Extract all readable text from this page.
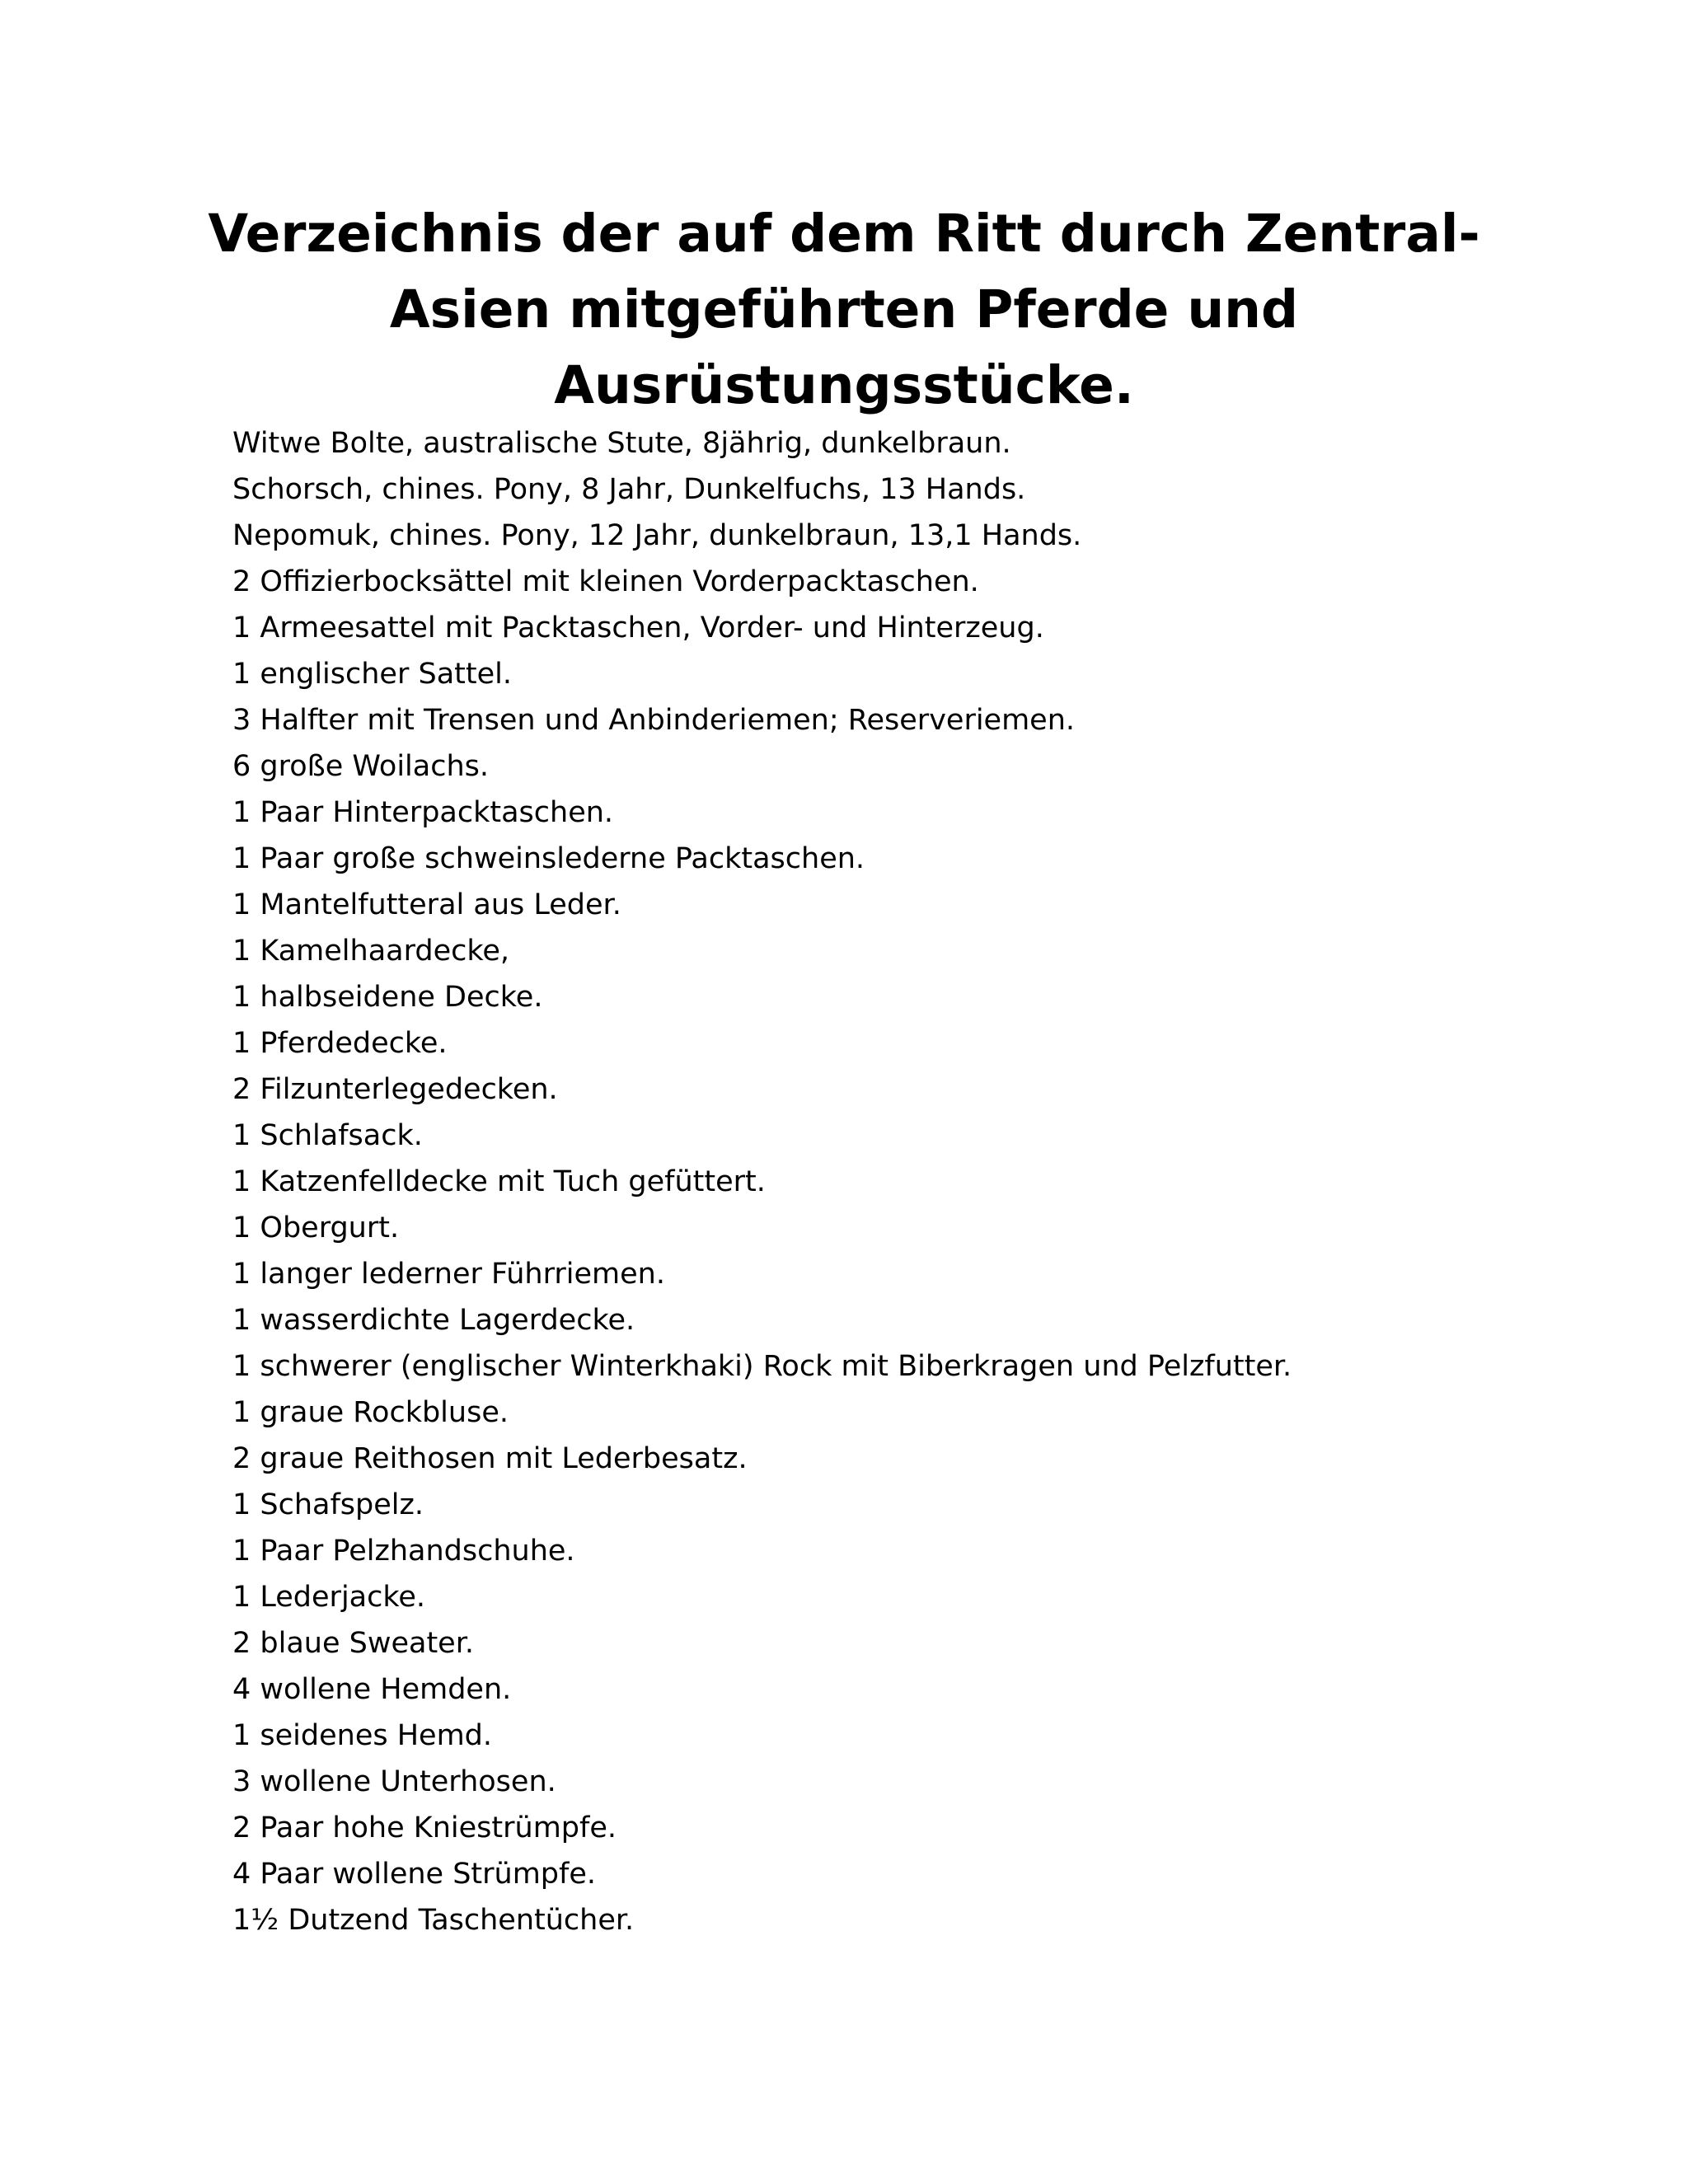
Verzeichnis der auf dem Ritt durch Zentral-
Asien mitgeführten Pferde und
Ausrüstungsstücke.
Witwe Bolte, australische Stute, 8jährig, dunkelbraun.
Schorsch, chines. Pony, 8 Jahr, Dunkelfuchs, 13 Hands.
Nepomuk, chines. Pony, 12 Jahr, dunkelbraun, 13,1 Hands.
2 Offizierbocksättel mit kleinen Vorderpacktaschen.
1 Armeesattel mit Packtaschen, Vorder- und Hinterzeug.
1 englischer Sattel.
3 Halfter mit Trensen und Anbinderiemen; Reserveriemen.
6 große Woilachs.
1 Paar Hinterpacktaschen.
1 Paar große schweinslederne Packtaschen.
1 Mantelfutteral aus Leder.
1 Kamelhaardecke,
1 halbseidene Decke.
1 Pferdedecke.
2 Filzunterlegedecken.
1 Schlafsack.
1 Katzenfelldecke mit Tuch gefüttert.
1 Obergurt.
1 langer lederner Führriemen.
1 wasserdichte Lagerdecke.
1 schwerer (englischer Winterkhaki) Rock mit Biberkragen und Pelzfutter.
1 graue Rockbluse.
2 graue Reithosen mit Lederbesatz.
1 Schafspelz.
1 Paar Pelzhandschuhe.
1 Lederjacke.
2 blaue Sweater.
4 wollene Hemden.
1 seidenes Hemd.
3 wollene Unterhosen.
2 Paar hohe Kniestrümpfe.
4 Paar wollene Strümpfe.
1½ Dutzend Taschentücher.
